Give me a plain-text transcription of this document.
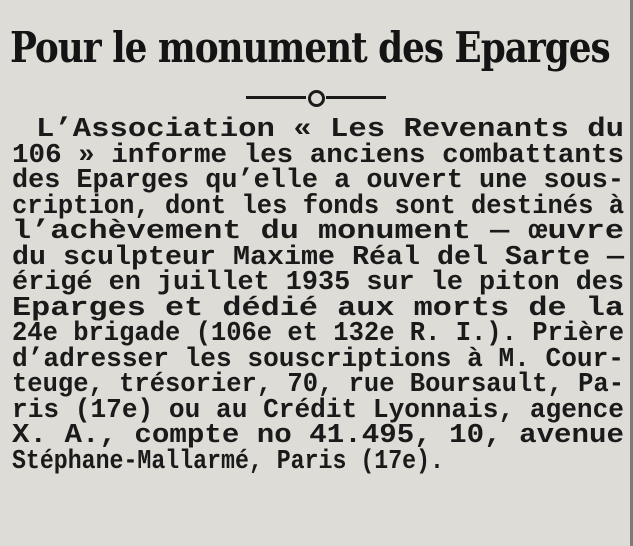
Pour le monument des Eparges
L’Association « Les Revenants du
106 » informe les anciens combattants
des Eparges qu’elle a ouvert une sous-
cription, dont les fonds sont destinés à
l’achèvement du monument — œuvre
du sculpteur Maxime Réal del Sarte —
érigé en juillet 1935 sur le piton des
Eparges et dédié aux morts de la
24e brigade (106e et 132e R. I.). Prière
d’adresser les souscriptions à M. Cour-
teuge, trésorier, 70, rue Boursault, Pa-
ris (17e) ou au Crédit Lyonnais, agence
X. A., compte no 41.495, 10, avenue
Stéphane-Mallarmé, Paris (17e).
